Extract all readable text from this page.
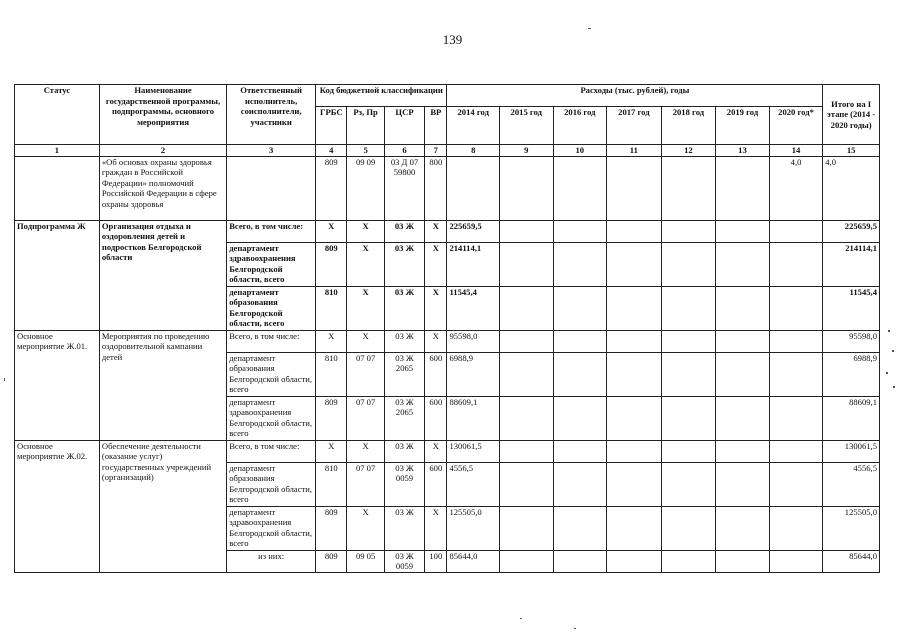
139
Статус	Наименование государственной программы, подпрограммы, основного мероприятия	Ответственный исполнитель, соисполнители, участники	Код бюджетной классификации				Расходы (тыс. рублей), годы							Итого на I этапе (2014 - 2020 годы)
			ГРБС	Рз, Пр	ЦСР	ВР	2014 год	2015 год	2016 год	2017 год	2018 год	2019 год	2020 год*	
1	2	3	4	5	6	7	8	9	10	11	12	13	14	15
	«Об основах охраны здоровья граждан в Российской Федерации» полномочий Российской Федерации в сфере охраны здоровья		809	09 09	03 Д 07 59800	800							4,0	4,0
Подпрограмма Ж	Организация отдыха и оздоровления детей и подростков Белгородской области	Всего, в том числе:	X	X	03 Ж	X	225659,5							225659,5
		департамент здравоохранения Белгородской области, всего	809	X	03 Ж	X	214114,1							214114,1
		департамент образования Белгородской области, всего	810	X	03 Ж	X	11545,4							11545,4
Основное мероприятие Ж.01.	Мероприятия по проведению оздоровительной кампании детей	Всего, в том числе:	X	X	03 Ж	X	95598,0							95598,0
		департамент образования Белгородской области, всего	810	07 07	03 Ж 2065	600	6988,9							6988,9
		департамент здравоохранения Белгородской области, всего	809	07 07	03 Ж 2065	600	88609,1							88609,1
Основное мероприятие Ж.02.	Обеспечение деятельности (оказание услуг) государственных учреждений (организаций)	Всего, в том числе:	X	X	03 Ж	X	130061,5							130061,5
		департамент образования Белгородской области, всего	810	07 07	03 Ж 0059	600	4556,5							4556,5
		департамент здравоохранения Белгородской области, всего	809	X	03 Ж	X	125505,0							125505,0
		из них:	809	09 05	03 Ж 0059	100	85644,0							85644,0
